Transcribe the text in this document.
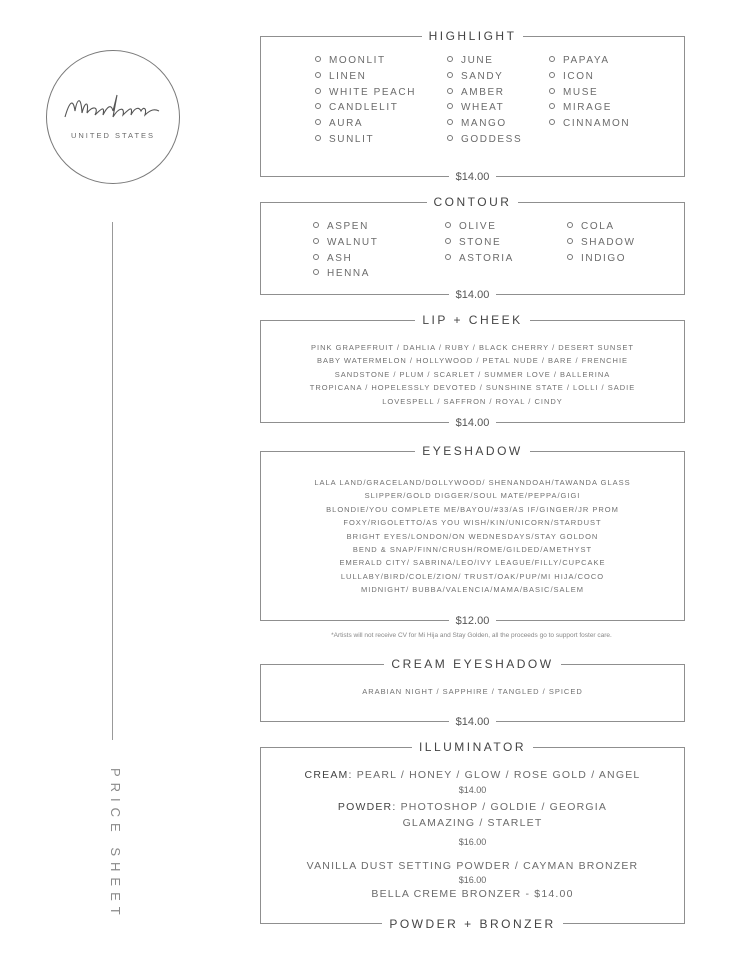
UNITED STATES
PRICE SHEET
HIGHLIGHT
MOONLIT
LINEN
WHITE PEACH
CANDLELIT
AURA
SUNLIT
JUNE
SANDY
AMBER
WHEAT
MANGO
GODDESS
PAPAYA
ICON
MUSE
MIRAGE
CINNAMON
$14.00
CONTOUR
ASPEN
WALNUT
ASH
HENNA
OLIVE
STONE
ASTORIA
COLA
SHADOW
INDIGO
$14.00
LIP + CHEEK
PINK GRAPEFRUIT / DAHLIA / RUBY / BLACK CHERRY / DESERT SUNSET
BABY WATERMELON / HOLLYWOOD / PETAL NUDE / BARE / FRENCHIE
SANDSTONE / PLUM / SCARLET / SUMMER LOVE / BALLERINA
TROPICANA / HOPELESSLY DEVOTED / SUNSHINE STATE / LOLLI / SADIE
LOVESPELL / SAFFRON / ROYAL / CINDY
$14.00
EYESHADOW
LALA LAND/GRACELAND/DOLLYWOOD/ SHENANDOAH/TAWANDA GLASS
SLIPPER/GOLD DIGGER/SOUL MATE/PEPPA/GIGI
BLONDIE/YOU COMPLETE ME/BAYOU/#33/AS IF/GINGER/JR PROM
FOXY/RIGOLETTO/AS YOU WISH/KIN/UNICORN/STARDUST
BRIGHT EYES/LONDON/ON WEDNESDAYS/STAY GOLDON
BEND & SNAP/FINN/CRUSH/ROME/GILDED/AMETHYST
EMERALD CITY/ SABRINA/LEO/IVY LEAGUE/FILLY/CUPCAKE
LULLABY/BIRD/COLE/ZION/ TRUST/OAK/PUP/MI HIJA/COCO
MIDNIGHT/ BUBBA/VALENCIA/MAMA/BASIC/SALEM
$12.00
*Artists will not receive CV for Mi Hija and Stay Golden, all the proceeds go to support foster care.
CREAM EYESHADOW
ARABIAN NIGHT / SAPPHIRE / TANGLED / SPICED
$14.00
ILLUMINATOR
CREAM: PEARL / HONEY / GLOW / ROSE GOLD / ANGEL
$14.00
POWDER: PHOTOSHOP / GOLDIE / GEORGIA
GLAMAZING / STARLET
$16.00
VANILLA DUST SETTING POWDER / CAYMAN BRONZER
$16.00
BELLA CREME BRONZER - $14.00
POWDER + BRONZER
